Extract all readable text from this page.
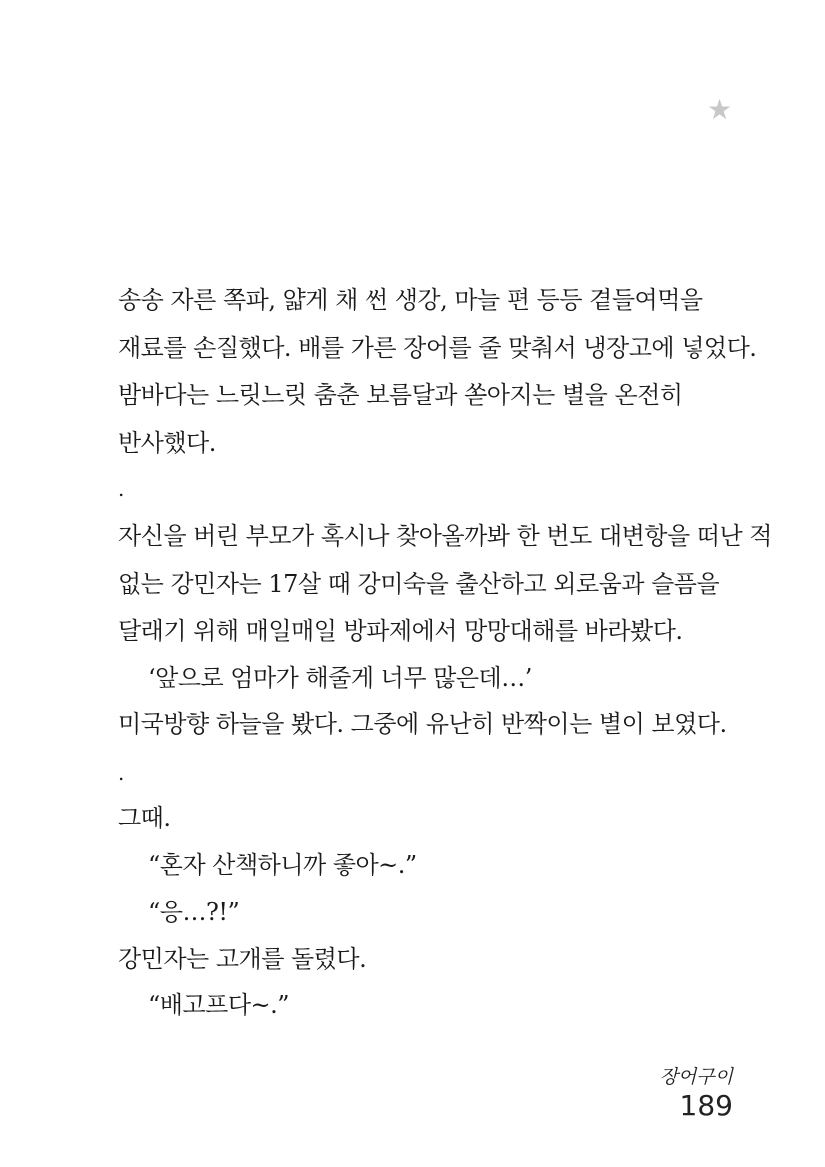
★
송송 자른 쪽파, 얇게 채 썬 생강, 마늘 편 등등 곁들여먹을
재료를 손질했다. 배를 가른 장어를 줄 맞춰서 냉장고에 넣었다.
밤바다는 느릿느릿 춤춘 보름달과 쏟아지는 별을 온전히
반사했다.
.
자신을 버린 부모가 혹시나 찾아올까봐 한 번도 대변항을 떠난 적
없는 강민자는 17살 때 강미숙을 출산하고 외로움과 슬픔을
달래기 위해 매일매일 방파제에서 망망대해를 바라봤다.
‘앞으로 엄마가 해줄게 너무 많은데…’
미국방향 하늘을 봤다. 그중에 유난히 반짝이는 별이 보였다.
.
그때.
“혼자 산책하니까 좋아~.”
“응…?!”
강민자는 고개를 돌렸다.
“배고프다~.”
장어구이
189
